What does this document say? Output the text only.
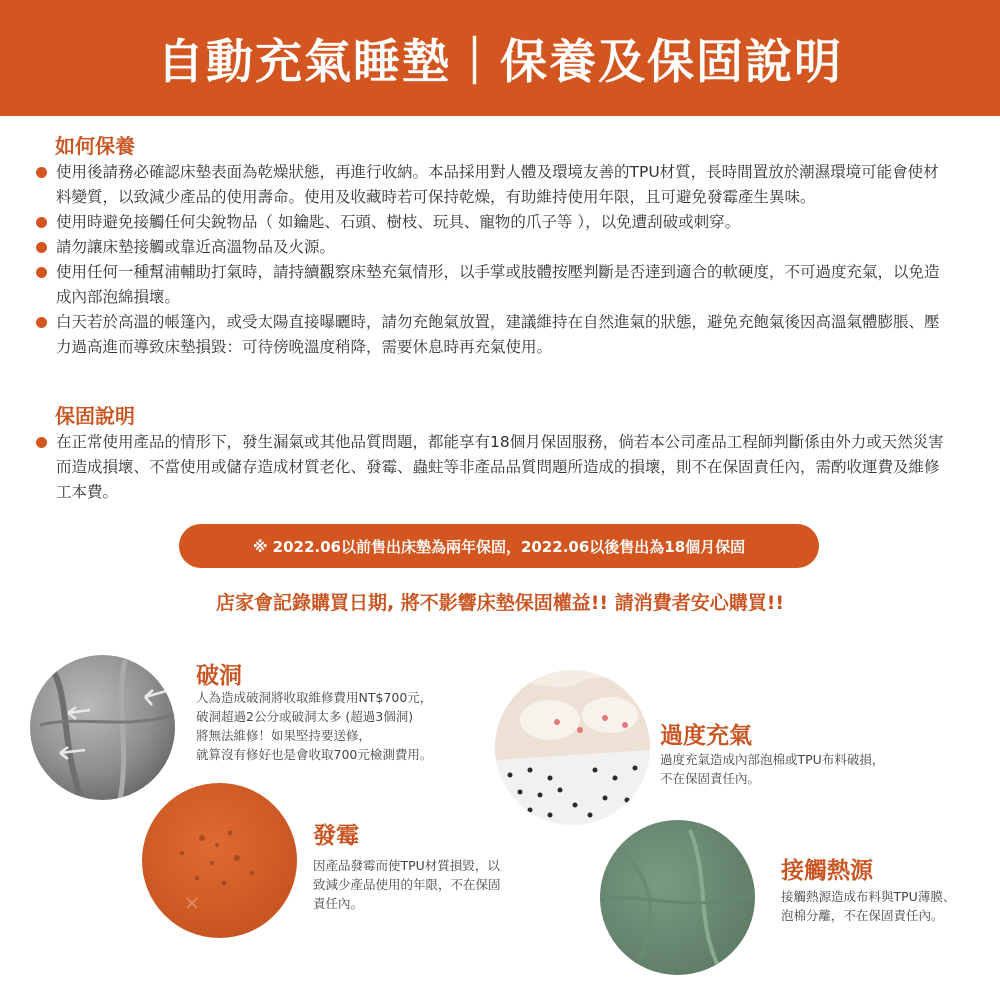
自動充氣睡墊｜保養及保固說明
如何保養
使用後請務必確認床墊表面為乾燥狀態，再進行收納。本品採用對人體及環境友善的TPU材質，長時間置放於潮濕環境可能會使材料變質，以致減少產品的使用壽命。使用及收藏時若可保持乾燥，有助維持使用年限，且可避免發霉產生異味。
使用時避免接觸任何尖銳物品（ 如鑰匙、石頭、樹枝、玩具、寵物的爪子等 ），以免遭刮破或刺穿。
請勿讓床墊接觸或靠近高溫物品及火源。
使用任何一種幫浦輔助打氣時，請持續觀察床墊充氣情形，以手掌或肢體按壓判斷是否達到適合的軟硬度，不可過度充氣，以免造成內部泡綿損壞。
白天若於高溫的帳篷內，或受太陽直接曝曬時，請勿充飽氣放置，建議維持在自然進氣的狀態，避免充飽氣後因高溫氣體膨脹、壓力過高進而導致床墊損毀：可待傍晚溫度稍降，需要休息時再充氣使用。
保固說明
在正常使用產品的情形下，發生漏氣或其他品質問題，都能享有18個月保固服務，倘若本公司產品工程師判斷係由外力或天然災害而造成損壞、不當使用或儲存造成材質老化、發霉、蟲蛀等非產品品質問題所造成的損壞，則不在保固責任內，需酌收運費及維修工本費。
※ 2022.06以前售出床墊為兩年保固，2022.06以後售出為18個月保固
店家會記錄購買日期, 將不影響床墊保固權益!! 請消費者安心購買!!
破洞
人為造成破洞將收取維修費用NT$700元，
破洞超過2公分或破洞太多 (超過3個洞)
將無法維修！如果堅持要送修，
就算沒有修好也是會收取700元檢測費用。
過度充氣
過度充氣造成內部泡棉或TPU布料破損，
不在保固責任內。
發霉
因產品發霉而使TPU材質損毀，以
致減少產品使用的年限，不在保固
責任內。
接觸熱源
接觸熱源造成布料與TPU薄膜、
泡棉分離，不在保固責任內。
